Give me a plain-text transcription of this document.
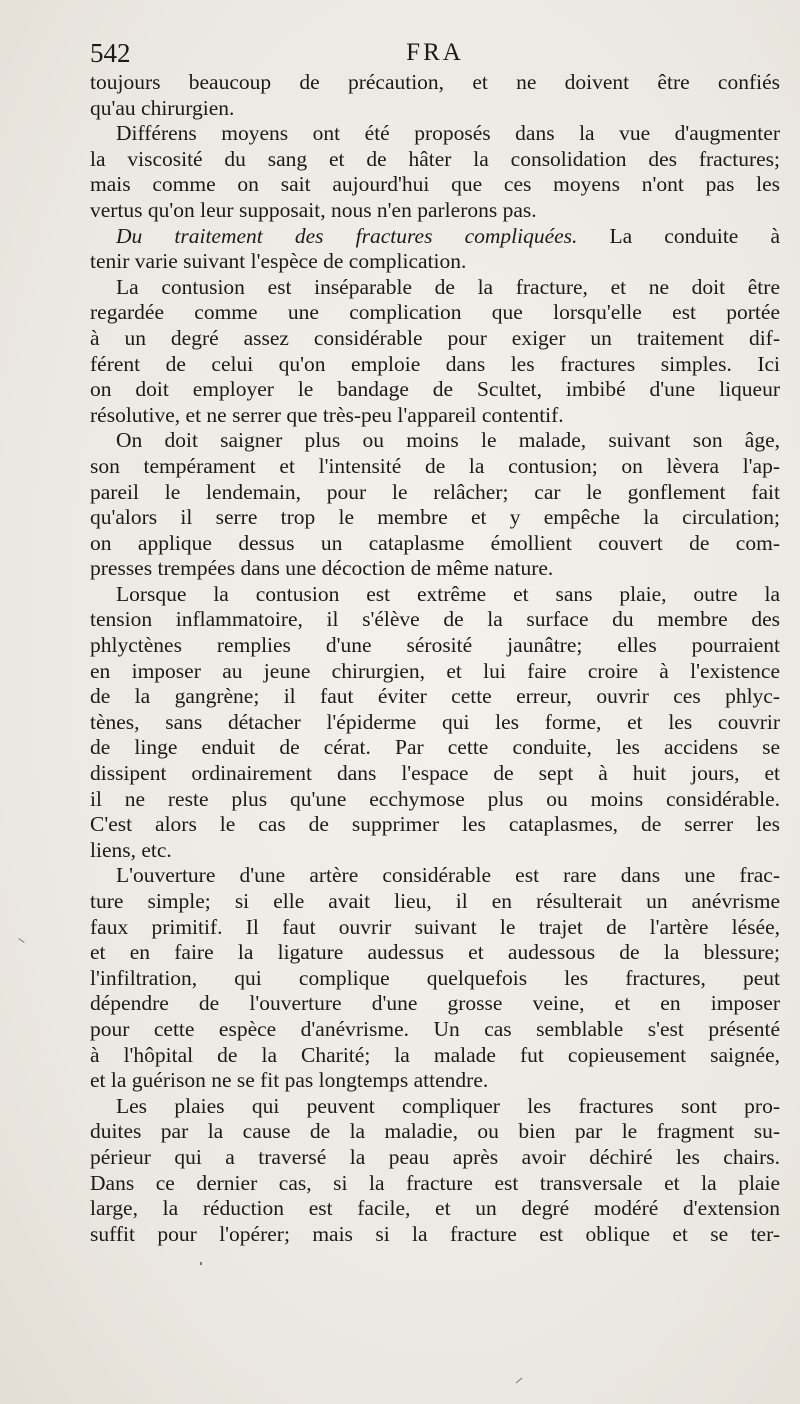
542	FRA
toujours beaucoup de précaution, et ne doivent être confiés
qu'au chirurgien.
Différens moyens ont été proposés dans la vue d'augmenter
la viscosité du sang et de hâter la consolidation des fractures;
mais comme on sait aujourd'hui que ces moyens n'ont pas les
vertus qu'on leur supposait, nous n'en parlerons pas.
Du traitement des fractures compliquées. La conduite à
tenir varie suivant l'espèce de complication.
La contusion est inséparable de la fracture, et ne doit être
regardée comme une complication que lorsqu'elle est portée
à un degré assez considérable pour exiger un traitement dif-
férent de celui qu'on emploie dans les fractures simples. Ici
on doit employer le bandage de Scultet, imbibé d'une liqueur
résolutive, et ne serrer que très-peu l'appareil contentif.
On doit saigner plus ou moins le malade, suivant son âge,
son tempérament et l'intensité de la contusion; on lèvera l'ap-
pareil le lendemain, pour le relâcher; car le gonflement fait
qu'alors il serre trop le membre et y empêche la circulation;
on applique dessus un cataplasme émollient couvert de com-
presses trempées dans une décoction de même nature.
Lorsque la contusion est extrême et sans plaie, outre la
tension inflammatoire, il s'élève de la surface du membre des
phlyctènes remplies d'une sérosité jaunâtre; elles pourraient
en imposer au jeune chirurgien, et lui faire croire à l'existence
de la gangrène; il faut éviter cette erreur, ouvrir ces phlyc-
tènes, sans détacher l'épiderme qui les forme, et les couvrir
de linge enduit de cérat. Par cette conduite, les accidens se
dissipent ordinairement dans l'espace de sept à huit jours, et
il ne reste plus qu'une ecchymose plus ou moins considérable.
C'est alors le cas de supprimer les cataplasmes, de serrer les
liens, etc.
L'ouverture d'une artère considérable est rare dans une frac-
ture simple; si elle avait lieu, il en résulterait un anévrisme
faux primitif. Il faut ouvrir suivant le trajet de l'artère lésée,
et en faire la ligature audessus et audessous de la blessure;
l'infiltration, qui complique quelquefois les fractures, peut
dépendre de l'ouverture d'une grosse veine, et en imposer
pour cette espèce d'anévrisme. Un cas semblable s'est présenté
à l'hôpital de la Charité; la malade fut copieusement saignée,
et la guérison ne se fit pas longtemps attendre.
Les plaies qui peuvent compliquer les fractures sont pro-
duites par la cause de la maladie, ou bien par le fragment su-
périeur qui a traversé la peau après avoir déchiré les chairs.
Dans ce dernier cas, si la fracture est transversale et la plaie
large, la réduction est facile, et un degré modéré d'extension
suffit pour l'opérer; mais si la fracture est oblique et se ter-
